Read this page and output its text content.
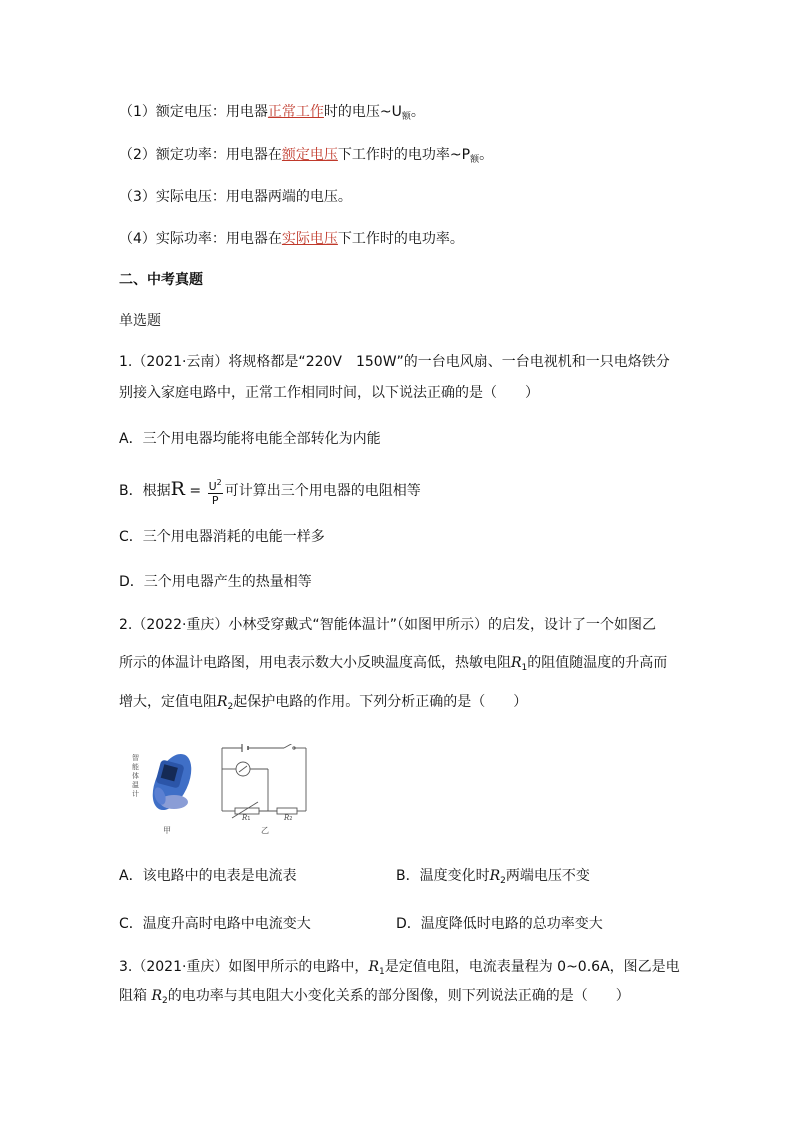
（1）额定电压：用电器正常工作时的电压$\sim U_额$。
（2）额定功率：用电器在额定电压下工作时的电功率$\sim P_额$。
（3）实际电压：用电器两端的电压。
（4）实际功率：用电器在实际电压下工作时的电功率。
二、中考真题
单选题
1.（2021·云南）将规格都是“220V　150W”的一台电风扇、一台电视机和一只电烙铁分
别接入家庭电路中，正常工作相同时间，以下说法正确的是（　　）
A．三个用电器均能将电能全部转化为内能
B．根据$R = \frac{U^2}{P}$ 可计算出三个用电器的电阻相等
C．三个用电器消耗的电能一样多
D．三个用电器产生的热量相等
2.（2022·重庆）小林受穿戴式“智能体温计”（如图甲所示）的启发，设计了一个如图乙
所示的体温计电路图，用电表示数大小反映温度高低，热敏电阻$R_1$的阻值随温度的升高而
增大，定值电阻$R_2$起保护电路的作用。下列分析正确的是（　　）
智能体温计
甲
R1	R2
乙
A．该电路中的电表是电流表	B．温度变化时$R_2$两端电压不变
C．温度升高时电路中电流变大	D．温度降低时电路的总功率变大
3.（2021·重庆）如图甲所示的电路中，$R_1$是定值电阻，电流表量程为 0~0.6A，图乙是电
阻箱 $R_2$的电功率与其电阻大小变化关系的部分图像，则下列说法正确的是（　　）
